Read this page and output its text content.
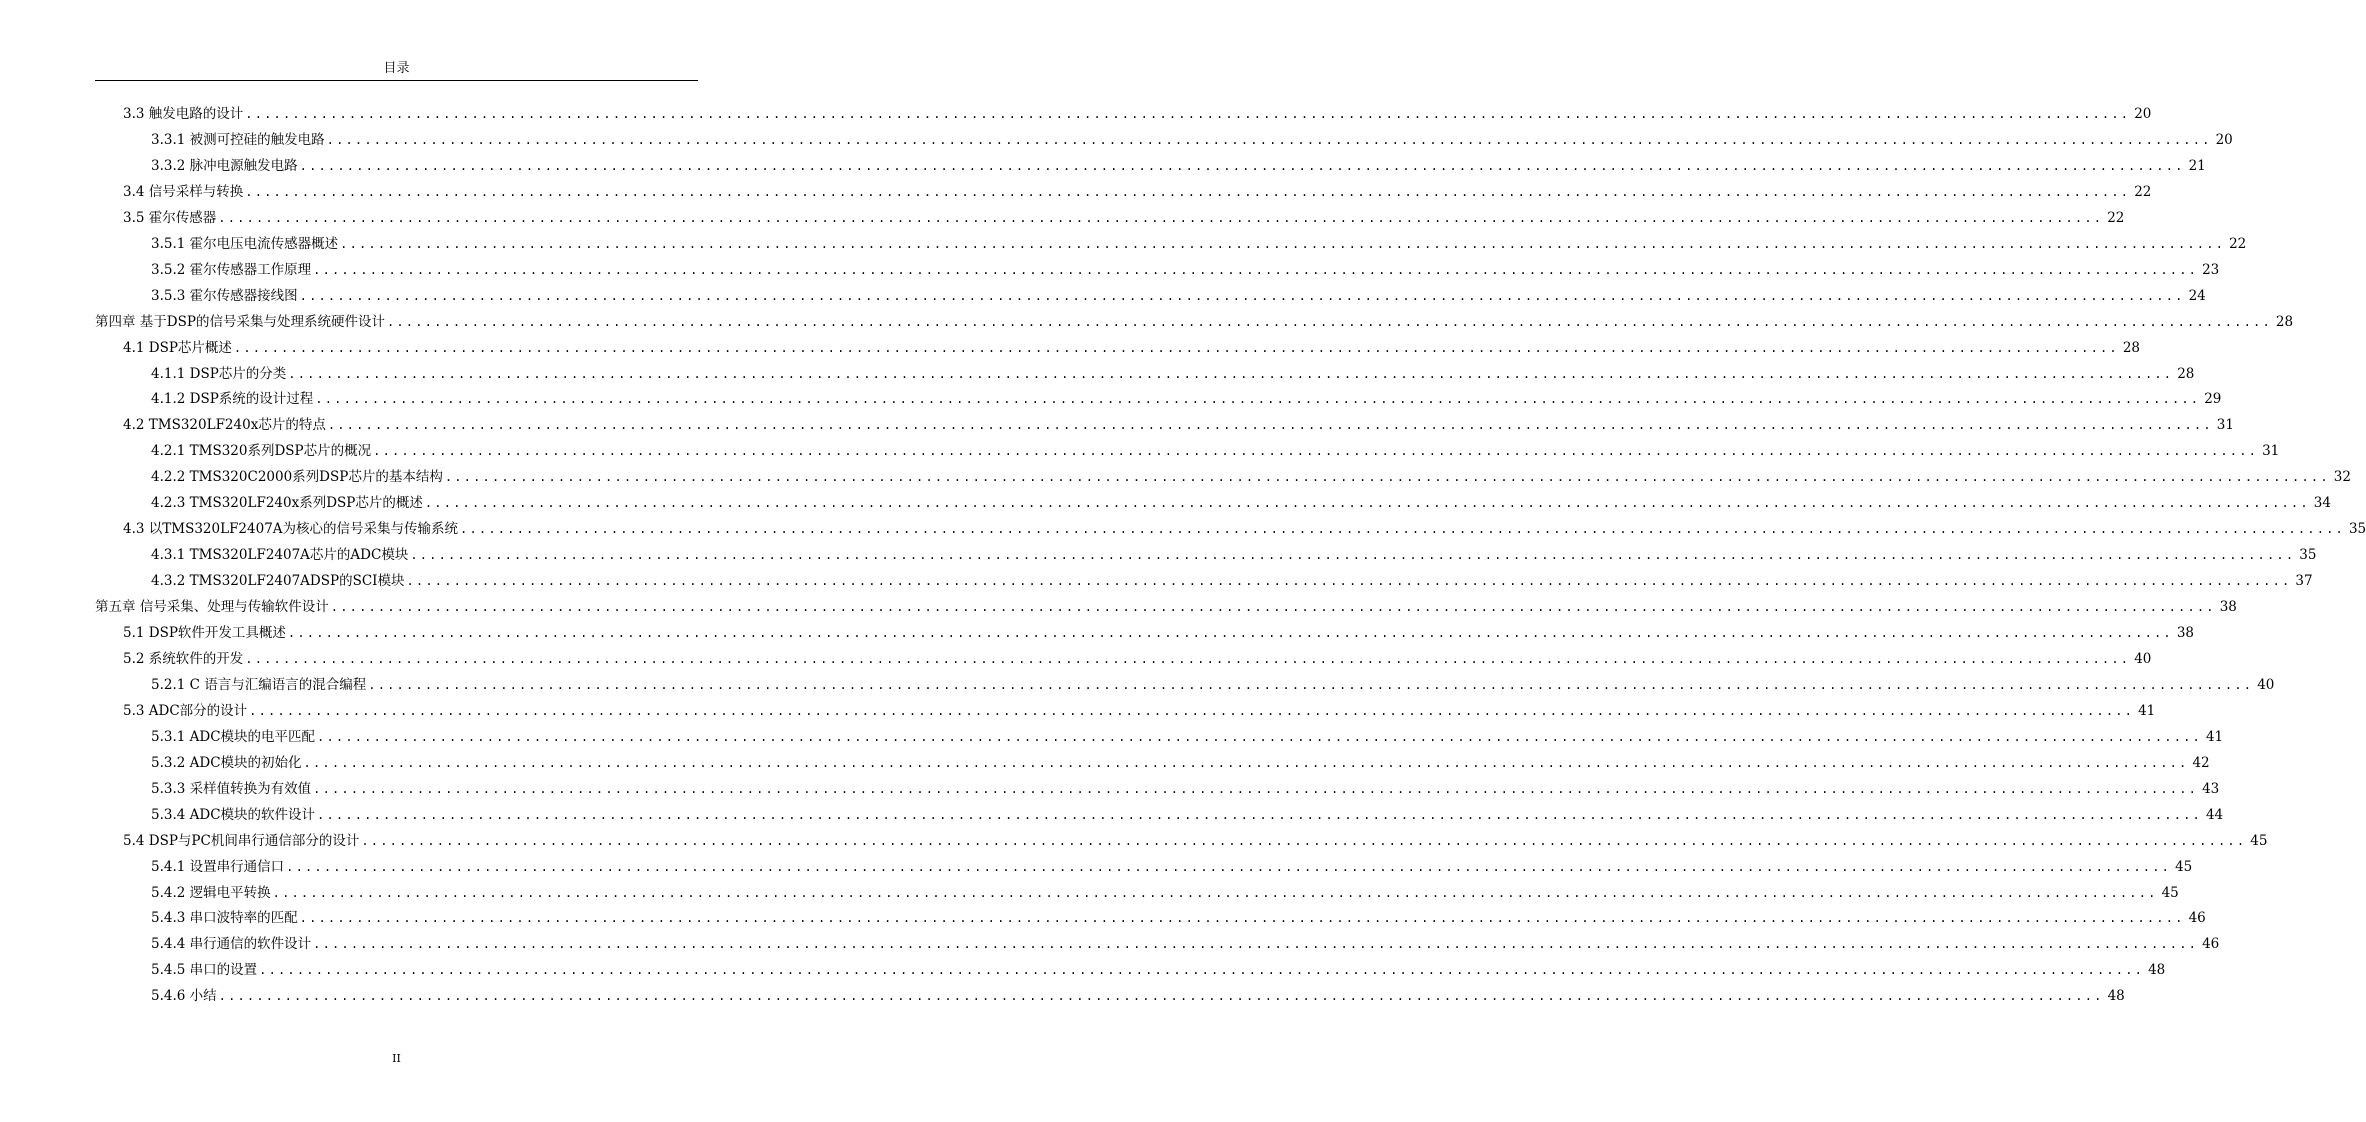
目录
3.3 触发电路的设计 ........................................................................................................................................................................................................ 20
3.3.1 被测可控硅的触发电路 ........................................................................................................................................................................................................ 20
3.3.2 脉冲电源触发电路 ........................................................................................................................................................................................................ 21
3.4 信号采样与转换 ........................................................................................................................................................................................................ 22
3.5 霍尔传感器 ........................................................................................................................................................................................................ 22
3.5.1 霍尔电压电流传感器概述 ........................................................................................................................................................................................................ 22
3.5.2 霍尔传感器工作原理 ........................................................................................................................................................................................................ 23
3.5.3 霍尔传感器接线图 ........................................................................................................................................................................................................ 24
第四章 基于DSP的信号采集与处理系统硬件设计 ........................................................................................................................................................................................................ 28
4.1 DSP芯片概述 ........................................................................................................................................................................................................ 28
4.1.1 DSP芯片的分类 ........................................................................................................................................................................................................ 28
4.1.2 DSP系统的设计过程 ........................................................................................................................................................................................................ 29
4.2 TMS320LF240x芯片的特点 ........................................................................................................................................................................................................ 31
4.2.1 TMS320系列DSP芯片的概况 ........................................................................................................................................................................................................ 31
4.2.2 TMS320C2000系列DSP芯片的基本结构 ........................................................................................................................................................................................................ 32
4.2.3 TMS320LF240x系列DSP芯片的概述 ........................................................................................................................................................................................................ 34
4.3 以TMS320LF2407A为核心的信号采集与传输系统 ........................................................................................................................................................................................................ 35
4.3.1 TMS320LF2407A芯片的ADC模块 ........................................................................................................................................................................................................ 35
4.3.2 TMS320LF2407ADSP的SCI模块 ........................................................................................................................................................................................................ 37
第五章 信号采集、处理与传输软件设计 ........................................................................................................................................................................................................ 38
5.1 DSP软件开发工具概述 ........................................................................................................................................................................................................ 38
5.2 系统软件的开发 ........................................................................................................................................................................................................ 40
5.2.1 C 语言与汇编语言的混合编程 ........................................................................................................................................................................................................ 40
5.3 ADC部分的设计 ........................................................................................................................................................................................................ 41
5.3.1 ADC模块的电平匹配 ........................................................................................................................................................................................................ 41
5.3.2 ADC模块的初始化 ........................................................................................................................................................................................................ 42
5.3.3 采样值转换为有效值 ........................................................................................................................................................................................................ 43
5.3.4 ADC模块的软件设计 ........................................................................................................................................................................................................ 44
5.4 DSP与PC机间串行通信部分的设计 ........................................................................................................................................................................................................ 45
5.4.1 设置串行通信口 ........................................................................................................................................................................................................ 45
5.4.2 逻辑电平转换 ........................................................................................................................................................................................................ 45
5.4.3 串口波特率的匹配 ........................................................................................................................................................................................................ 46
5.4.4 串行通信的软件设计 ........................................................................................................................................................................................................ 46
5.4.5 串口的设置 ........................................................................................................................................................................................................ 48
5.4.6 小结 ........................................................................................................................................................................................................ 48
II
